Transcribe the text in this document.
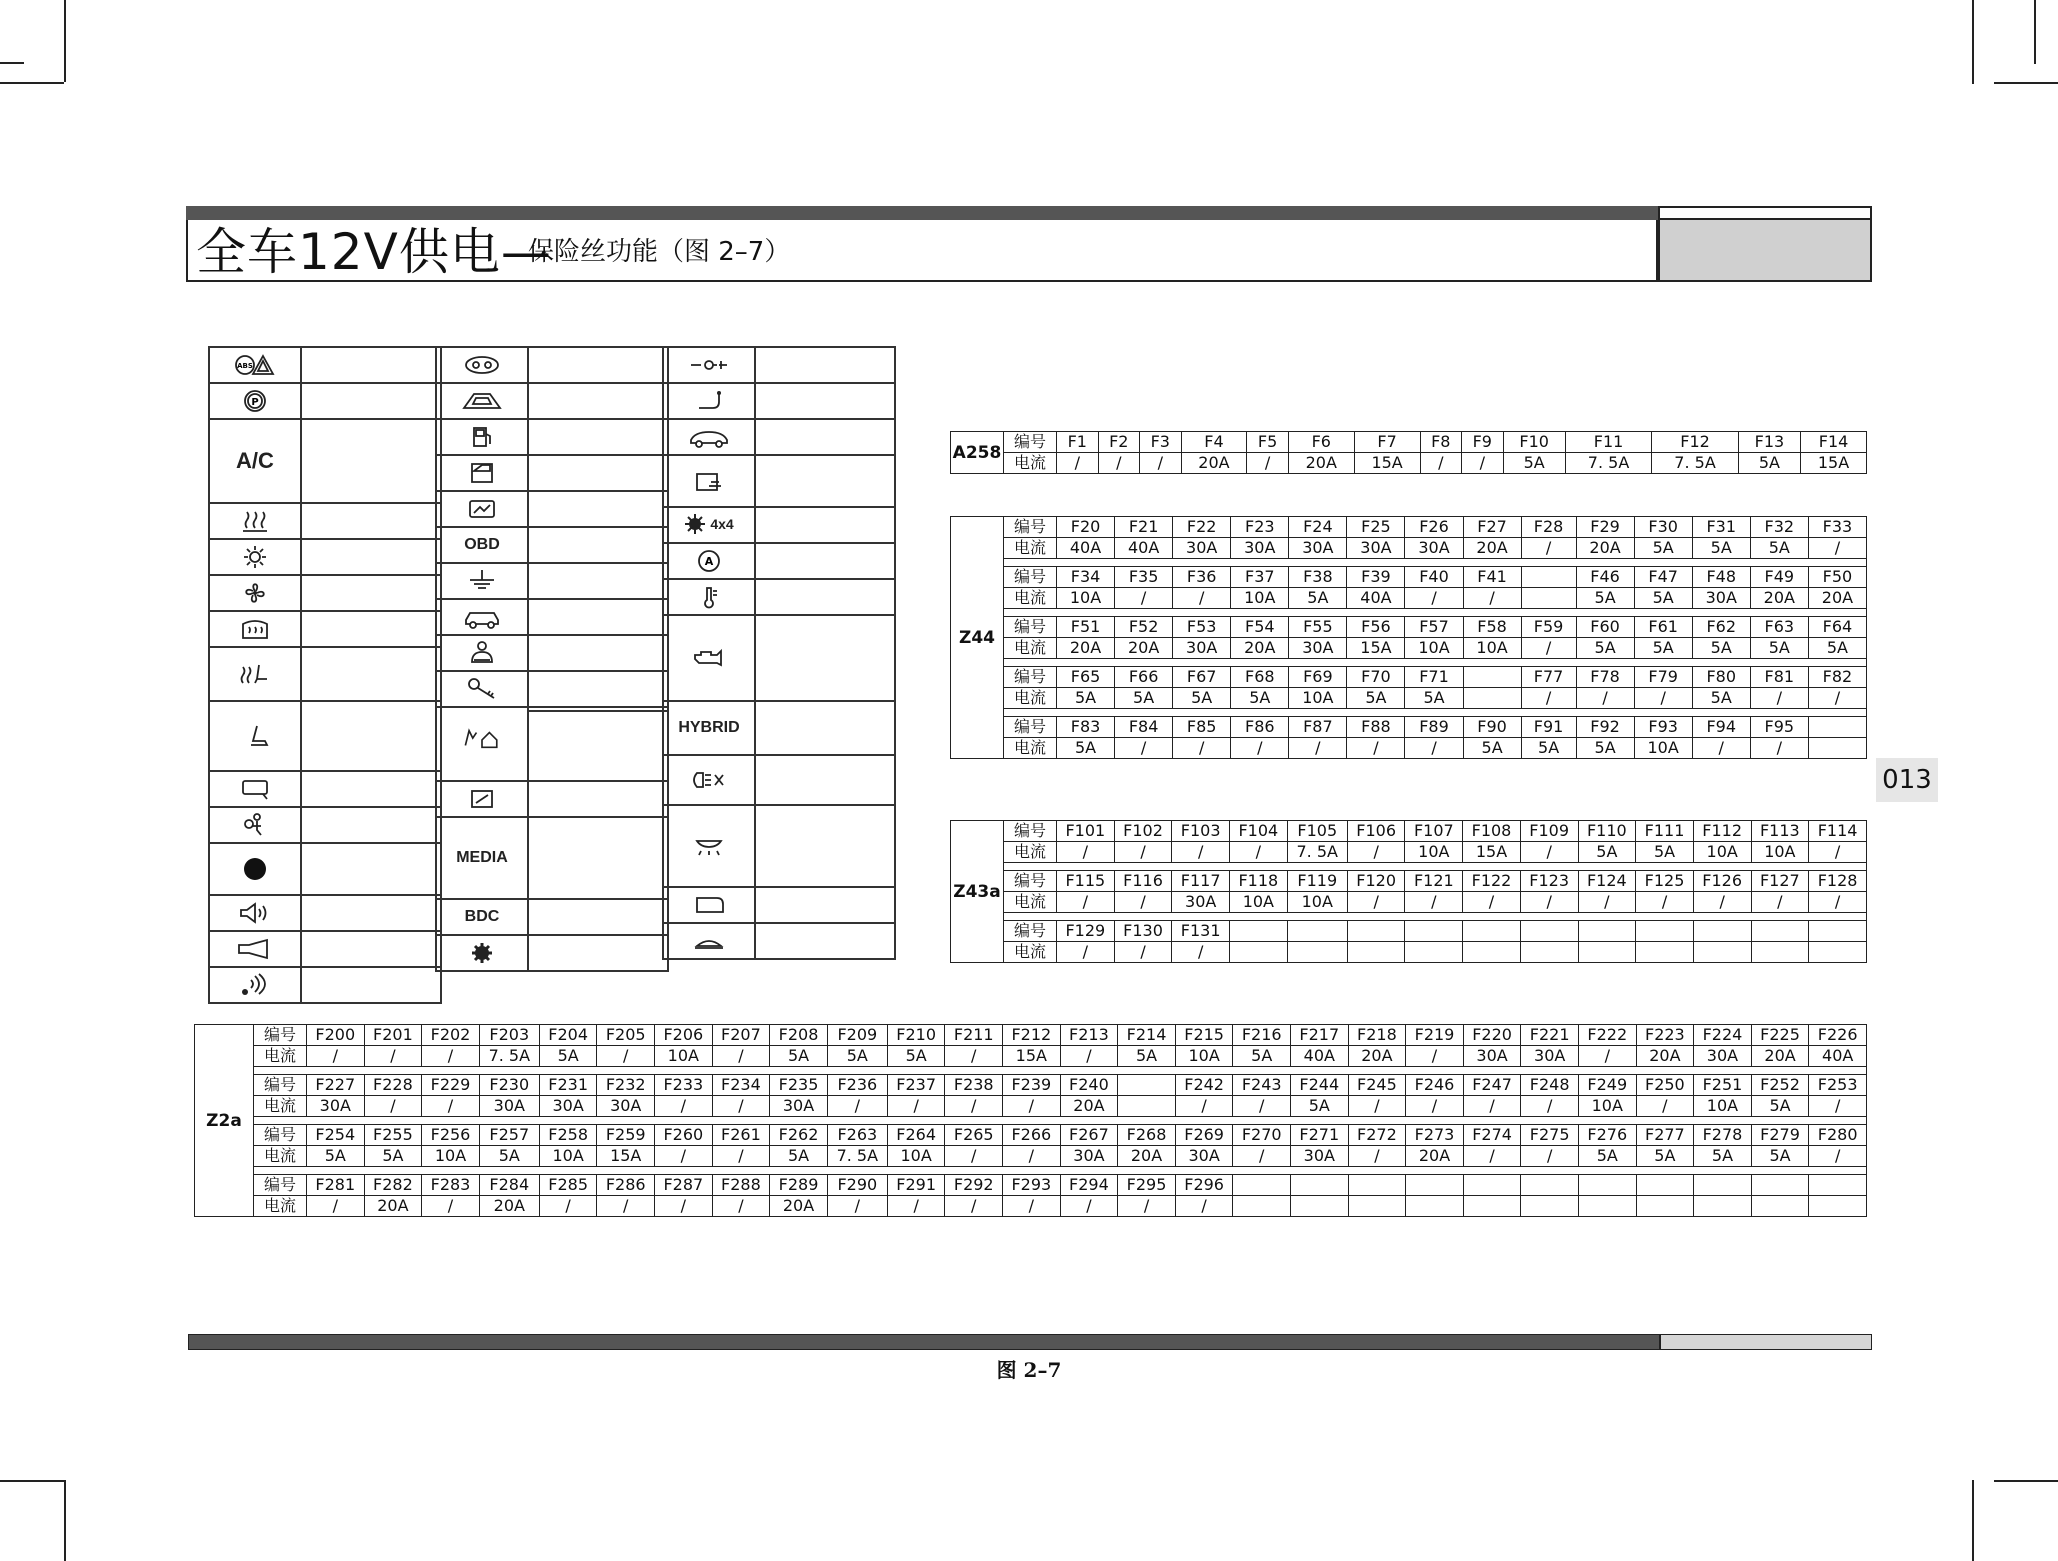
全车12V供电—
保险丝功能（图 2–7）
013
ABS	

P	

A/C	

OBD	

MEDIA	

BDC	

4x4	

A	

HYBRID	

A258	编号	F1	F2	F3	F4	F5	F6	F7	F8	F9	F10	F11	F12	F13	F14
	电流	/	/	/	20A	/	20A	15A	/	/	5A	7. 5A	7. 5A	5A	15A
Z44	编号	F20	F21	F22	F23	F24	F25	F26	F27	F28	F29	F30	F31	F32	F33
	电流	40A	40A	30A	30A	30A	30A	30A	20A	/	20A	5A	5A	5A	/

	编号	F34	F35	F36	F37	F38	F39	F40	F41		F46	F47	F48	F49	F50
	电流	10A	/	/	10A	5A	40A	/	/		5A	5A	30A	20A	20A

	编号	F51	F52	F53	F54	F55	F56	F57	F58	F59	F60	F61	F62	F63	F64
	电流	20A	20A	30A	20A	30A	15A	10A	10A	/	5A	5A	5A	5A	5A

	编号	F65	F66	F67	F68	F69	F70	F71		F77	F78	F79	F80	F81	F82
	电流	5A	5A	5A	5A	10A	5A	5A		/	/	/	5A	/	/

	编号	F83	F84	F85	F86	F87	F88	F89	F90	F91	F92	F93	F94	F95	
	电流	5A	/	/	/	/	/	/	5A	5A	5A	10A	/	/	
Z43a	编号	F101	F102	F103	F104	F105	F106	F107	F108	F109	F110	F111	F112	F113	F114
	电流	/	/	/	/	7. 5A	/	10A	15A	/	5A	5A	10A	10A	/

	编号	F115	F116	F117	F118	F119	F120	F121	F122	F123	F124	F125	F126	F127	F128
	电流	/	/	30A	10A	10A	/	/	/	/	/	/	/	/	/

	编号	F129	F130	F131											
	电流	/	/	/											
Z2a	编号	F200	F201	F202	F203	F204	F205	F206	F207	F208	F209	F210	F211	F212	F213	F214	F215	F216	F217	F218	F219	F220	F221	F222	F223	F224	F225	F226
	电流	/	/	/	7. 5A	5A	/	10A	/	5A	5A	5A	/	15A	/	5A	10A	5A	40A	20A	/	30A	30A	/	20A	30A	20A	40A

	编号	F227	F228	F229	F230	F231	F232	F233	F234	F235	F236	F237	F238	F239	F240		F242	F243	F244	F245	F246	F247	F248	F249	F250	F251	F252	F253
	电流	30A	/	/	30A	30A	30A	/	/	30A	/	/	/	/	20A		/	/	5A	/	/	/	/	10A	/	10A	5A	/

	编号	F254	F255	F256	F257	F258	F259	F260	F261	F262	F263	F264	F265	F266	F267	F268	F269	F270	F271	F272	F273	F274	F275	F276	F277	F278	F279	F280
	电流	5A	5A	10A	5A	10A	15A	/	/	5A	7. 5A	10A	/	/	30A	20A	30A	/	30A	/	20A	/	/	5A	5A	5A	5A	/

	编号	F281	F282	F283	F284	F285	F286	F287	F288	F289	F290	F291	F292	F293	F294	F295	F296											
	电流	/	20A	/	20A	/	/	/	/	20A	/	/	/	/	/	/	/											
图 2–7
